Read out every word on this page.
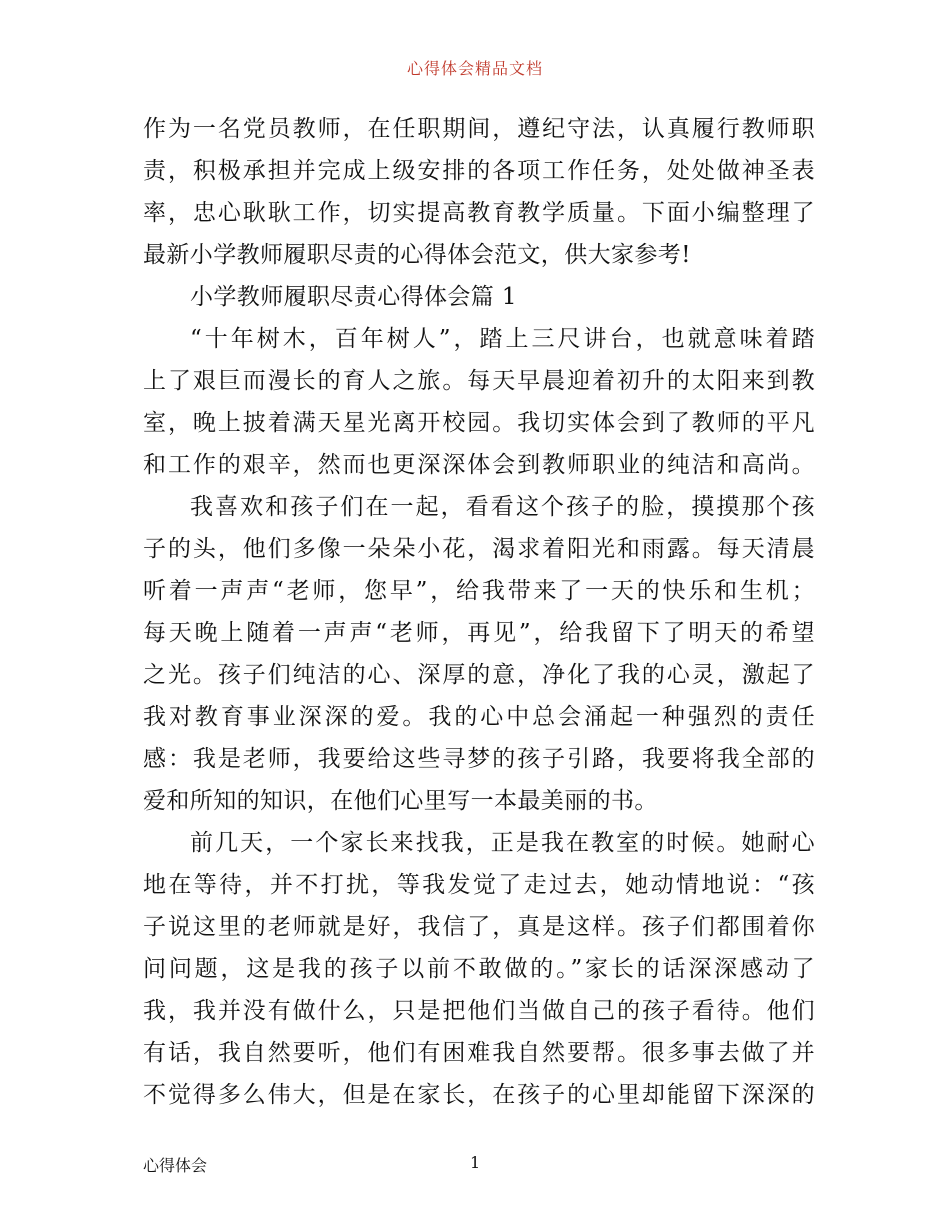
心得体会精品文档
作为一名党员教师，在任职期间，遵纪守法，认真履行教师职
责，积极承担并完成上级安排的各项工作任务，处处做神圣表
率，忠心耿耿工作，切实提高教育教学质量。下面小编整理了
最新小学教师履职尽责的心得体会范文，供大家参考!
小学教师履职尽责心得体会篇 1
“十年树木，百年树人”，踏上三尺讲台，也就意味着踏
上了艰巨而漫长的育人之旅。每天早晨迎着初升的太阳来到教
室，晚上披着满天星光离开校园。我切实体会到了教师的平凡
和工作的艰辛，然而也更深深体会到教师职业的纯洁和高尚。
我喜欢和孩子们在一起，看看这个孩子的脸，摸摸那个孩
子的头，他们多像一朵朵小花，渴求着阳光和雨露。每天清晨
听着一声声“老师，您早”，给我带来了一天的快乐和生机；
每天晚上随着一声声“老师，再见”，给我留下了明天的希望
之光。孩子们纯洁的心、深厚的意，净化了我的心灵，激起了
我对教育事业深深的爱。我的心中总会涌起一种强烈的责任
感：我是老师，我要给这些寻梦的孩子引路，我要将我全部的
爱和所知的知识，在他们心里写一本最美丽的书。
前几天，一个家长来找我，正是我在教室的时候。她耐心
地在等待，并不打扰，等我发觉了走过去，她动情地说：“孩
子说这里的老师就是好，我信了，真是这样。孩子们都围着你
问问题，这是我的孩子以前不敢做的。”家长的话深深感动了
我，我并没有做什么，只是把他们当做自己的孩子看待。他们
有话，我自然要听，他们有困难我自然要帮。很多事去做了并
不觉得多么伟大，但是在家长，在孩子的心里却能留下深深的
心得体会	1
